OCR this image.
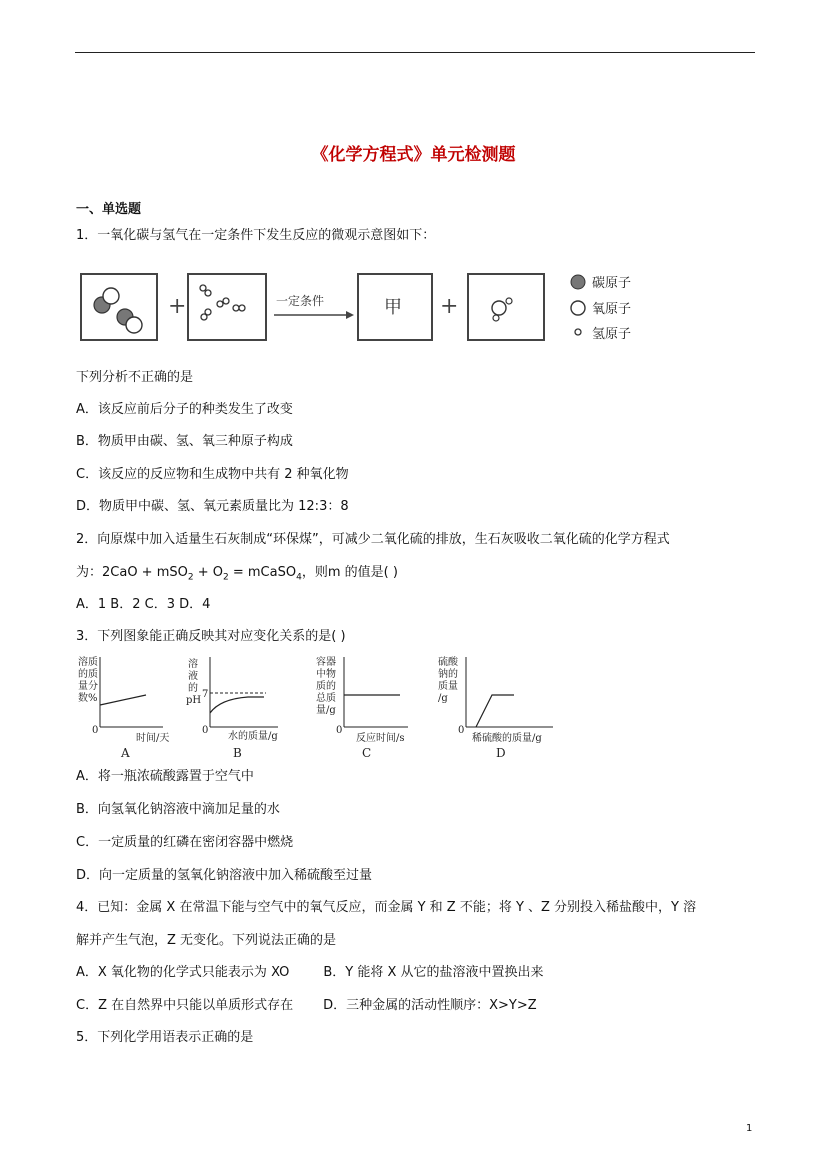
《化学方程式》单元检测题
一、单选题
1．一氧化碳与氢气在一定条件下发生反应的微观示意图如下：
+	一定条件	甲 +
碳原子
氧原子
氢原子
下列分析不正确的是
A．该反应前后分子的种类发生了改变
B．物质甲由碳、氢、氧三种原子构成
C．该反应的反应物和生成物中共有 2 种氧化物
D．物质甲中碳、氢、氧元素质量比为 12:3：8
2．向原煤中加入适量生石灰制成“环保煤”，可减少二氧化硫的排放，生石灰吸收二氧化硫的化学方程式
为：$2CaO + mSO_2 + O_2$ = mCaSO$_4$，则m 的值是( )
A．1 B．2 C．3 D．4
3．下列图象能正确反映其对应变化关系的是( )
溶质
的质
量分
数%
0
时间/天
A
溶
液
的
pH
7
0
水的质量/g
B
容器
中物
质的
总质
量/g
0
反应时间/s
C
硫酸
钠的
质量
/g
0
稀硫酸的质量/g
D
A．将一瓶浓硫酸露置于空气中
B．向氢氧化钠溶液中滴加足量的水
C．一定质量的红磷在密闭容器中燃烧
D．向一定质量的氢氧化钠溶液中加入稀硫酸至过量
4．已知：金属 X 在常温下能与空气中的氧气反应，而金属 Y 和 Z 不能；将 Y 、Z 分别投入稀盐酸中，Y 溶
解并产生气泡，Z 无变化。下列说法正确的是
A．X 氧化物的化学式只能表示为 XO	B．Y 能将 X 从它的盐溶液中置换出来
C．Z 在自然界中只能以单质形式存在 D．三种金属的活动性顺序：X>Y>Z
5．下列化学用语表示正确的是
1
